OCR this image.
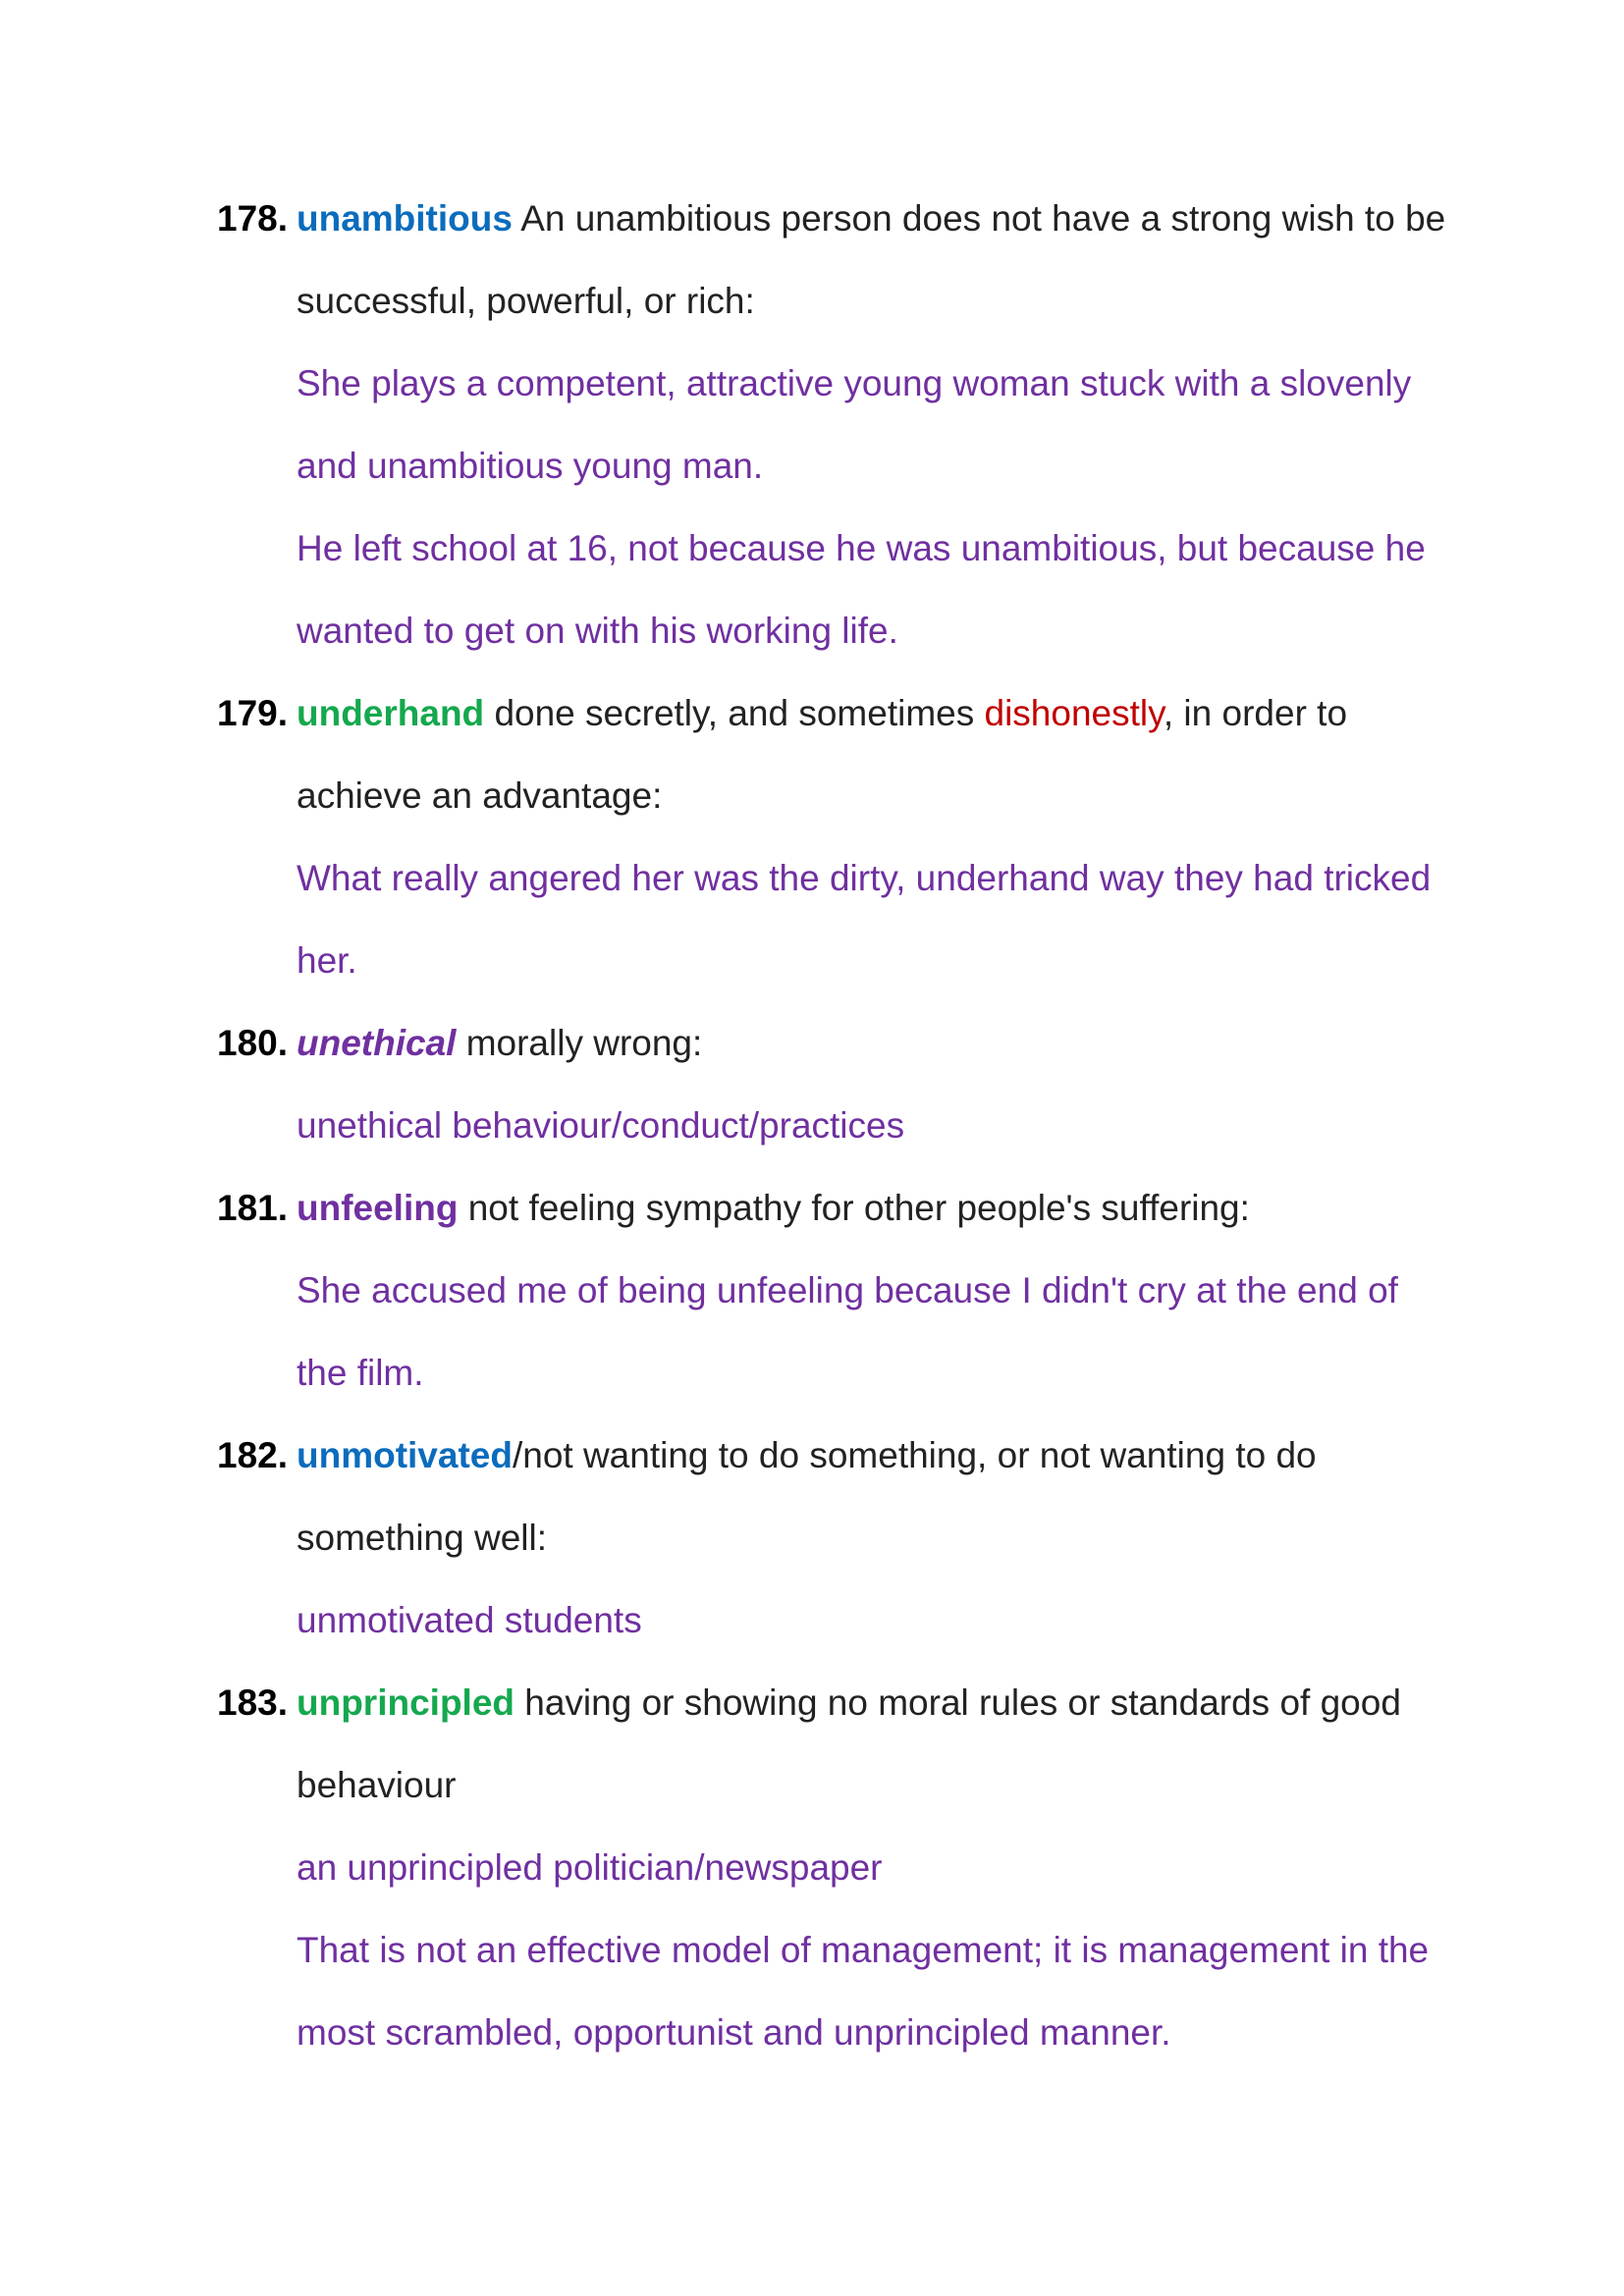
178. unambitious An unambitious person does not have a strong wish to be
successful, powerful, or rich:
She plays a competent, attractive young woman stuck with a slovenly
and unambitious young man.
He left school at 16, not because he was unambitious, but because he
wanted to get on with his working life.
179. underhand done secretly, and sometimes dishonestly, in order to
achieve an advantage:
What really angered her was the dirty, underhand way they had tricked
her.
180. unethical morally wrong:
unethical behaviour/conduct/practices
181. unfeeling not feeling sympathy for other people's suffering:
She accused me of being unfeeling because I didn't cry at the end of
the film.
182. unmotivated/not wanting to do something, or not wanting to do
something well:
unmotivated students
183. unprincipled having or showing no moral rules or standards of good
behaviour
an unprincipled politician/newspaper
That is not an effective model of management; it is management in the
most scrambled, opportunist and unprincipled manner.
